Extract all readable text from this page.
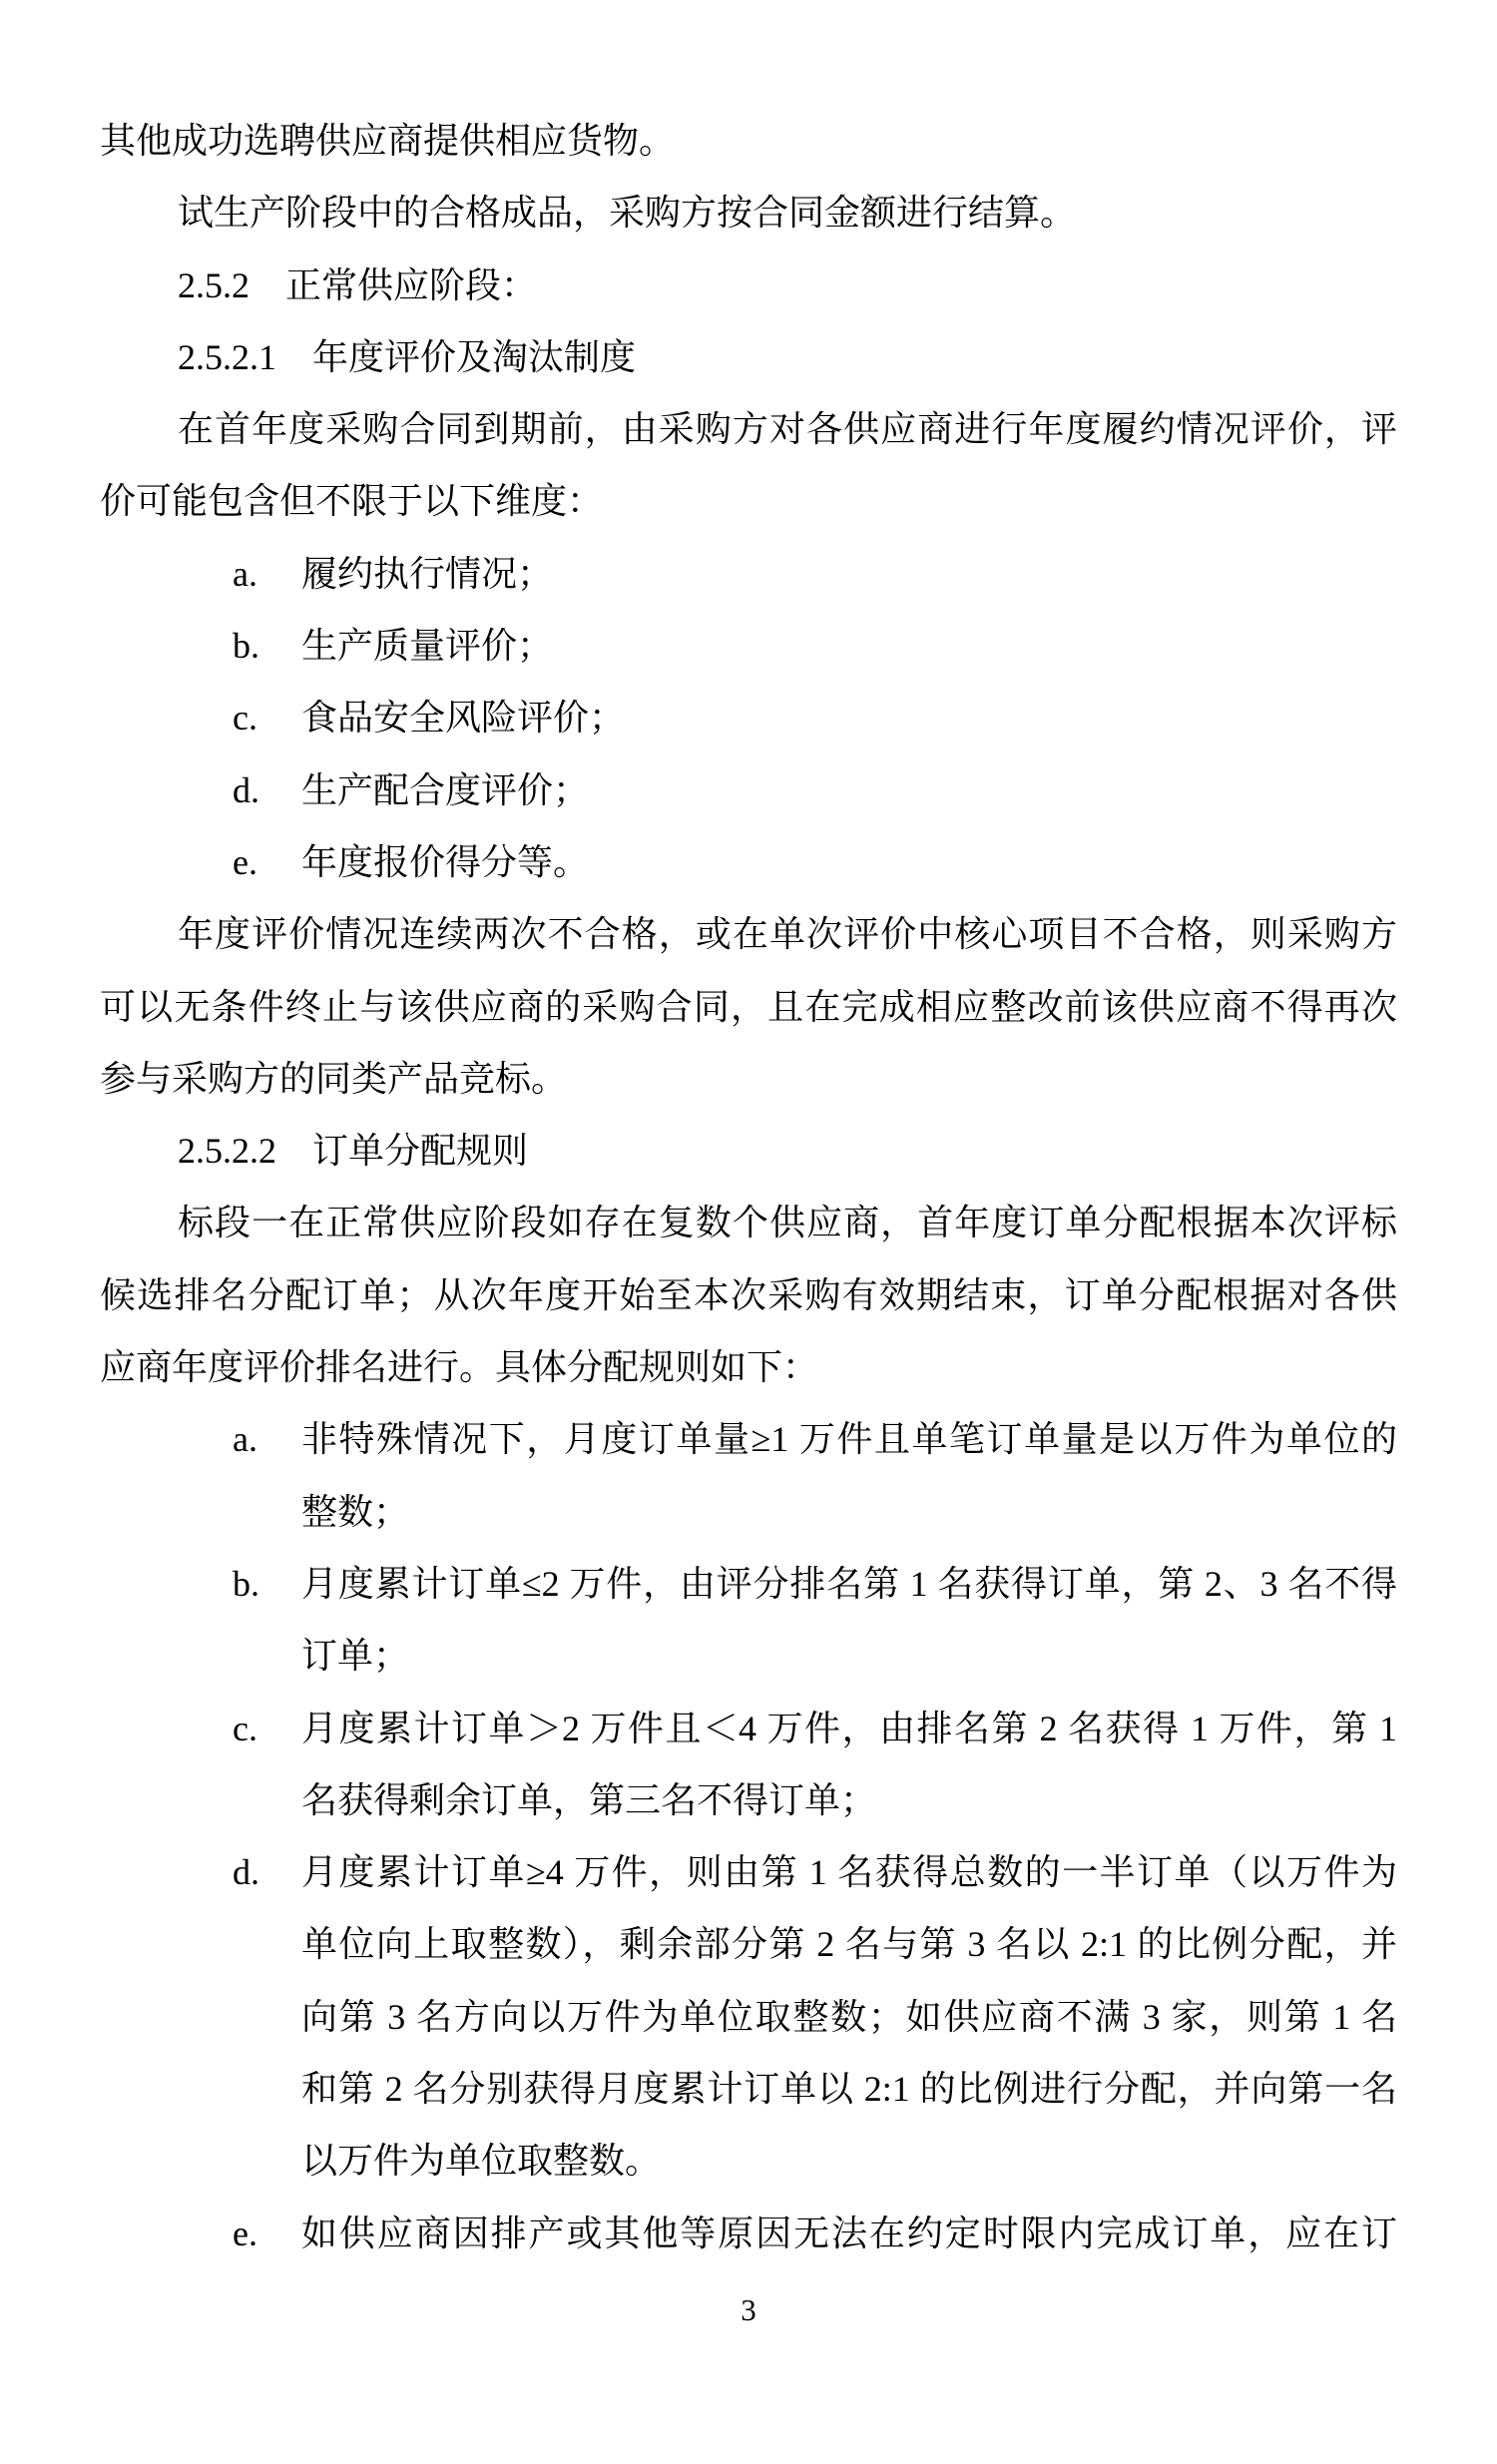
其他成功选聘供应商提供相应货物。
试生产阶段中的合格成品，采购方按合同金额进行结算。
2.5.2　正常供应阶段：
2.5.2.1　年度评价及淘汰制度
在首年度采购合同到期前，由采购方对各供应商进行年度履约情况评价，评
价可能包含但不限于以下维度：
a. 履约执行情况；
b. 生产质量评价；
c. 食品安全风险评价；
d. 生产配合度评价；
e. 年度报价得分等。
年度评价情况连续两次不合格，或在单次评价中核心项目不合格，则采购方
可以无条件终止与该供应商的采购合同，且在完成相应整改前该供应商不得再次
参与采购方的同类产品竞标。
2.5.2.2　订单分配规则
标段一在正常供应阶段如存在复数个供应商，首年度订单分配根据本次评标
候选排名分配订单；从次年度开始至本次采购有效期结束，订单分配根据对各供
应商年度评价排名进行。具体分配规则如下：
a. 非特殊情况下，月度订单量≥1 万件且单笔订单量是以万件为单位的
整数；
b. 月度累计订单≤2 万件，由评分排名第 1 名获得订单，第 2、3 名不得
订单；
c. 月度累计订单＞2 万件且＜4 万件，由排名第 2 名获得 1 万件，第 1
名获得剩余订单，第三名不得订单；
d. 月度累计订单≥4 万件，则由第 1 名获得总数的一半订单（以万件为
单位向上取整数），剩余部分第 2 名与第 3 名以 2:1 的比例分配，并
向第 3 名方向以万件为单位取整数；如供应商不满 3 家，则第 1 名
和第 2 名分别获得月度累计订单以 2:1 的比例进行分配，并向第一名
以万件为单位取整数。
e. 如供应商因排产或其他等原因无法在约定时限内完成订单，应在订
3
